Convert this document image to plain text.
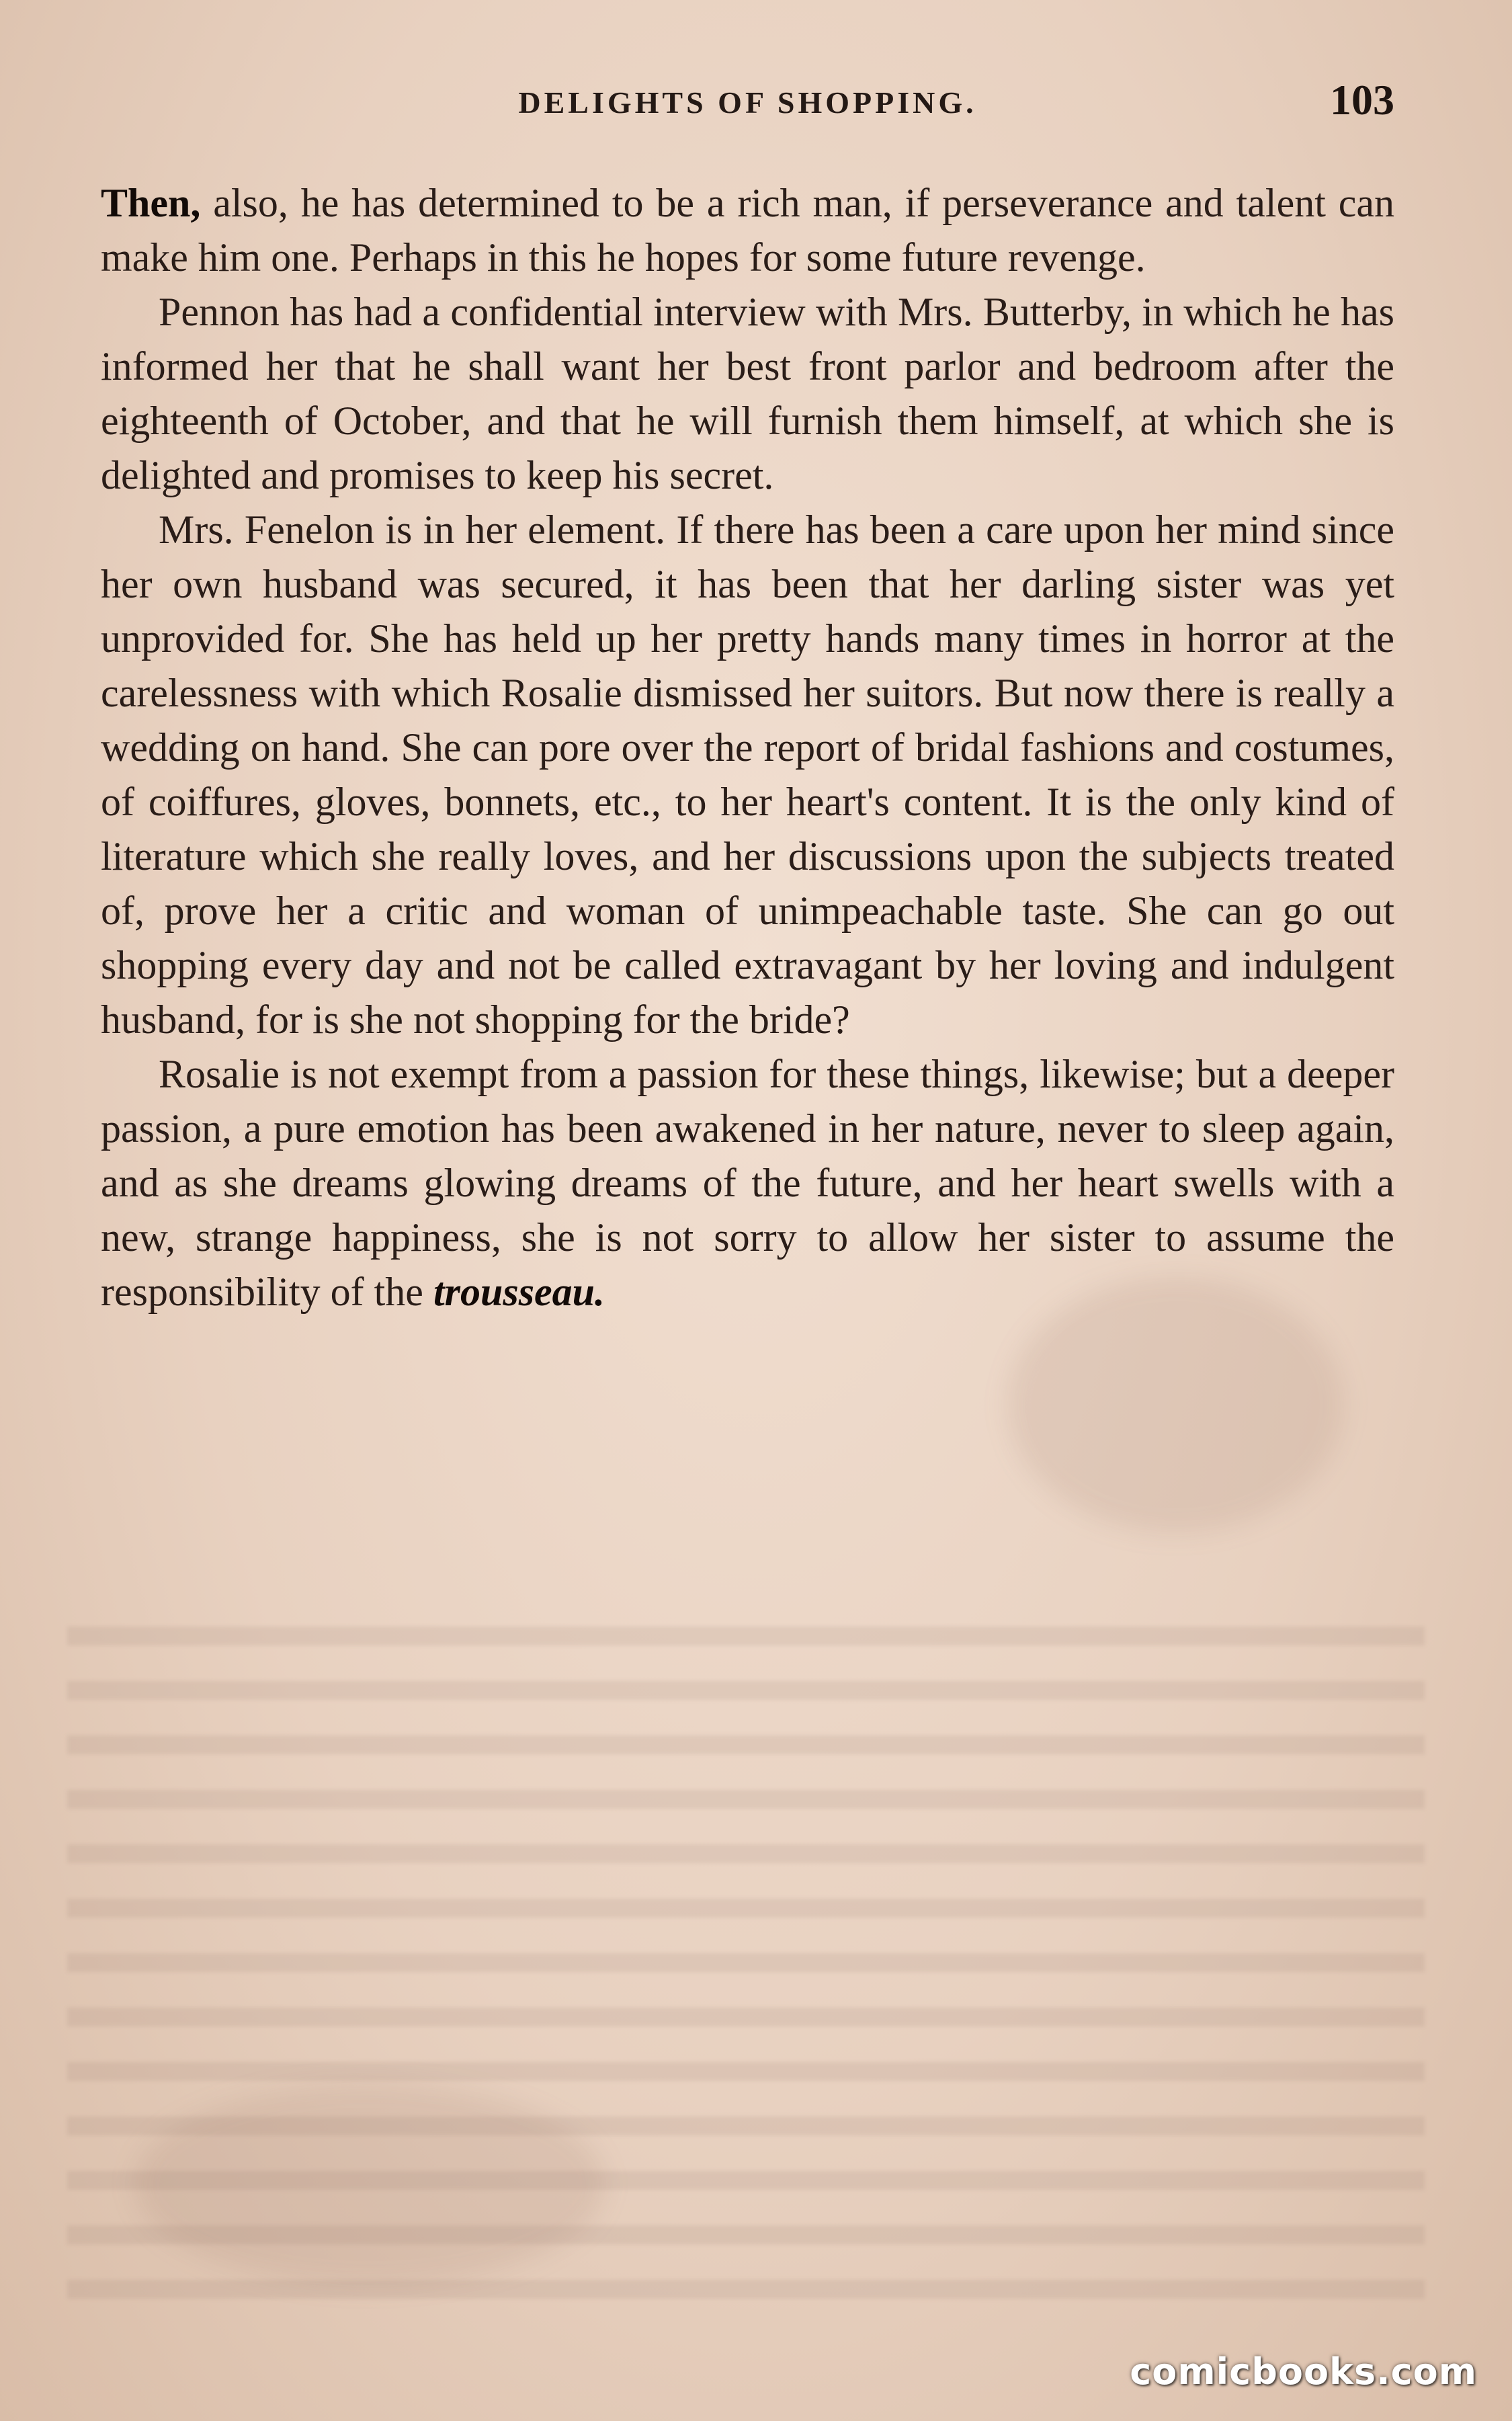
DELIGHTS OF SHOPPING.	103

Then, also, he has determined to be a rich man, if perseverance and talent can make him one. Perhaps in this he hopes for some future revenge.

Pennon has had a confidential interview with Mrs. Butterby, in which he has informed her that he shall want her best front parlor and bedroom after the eighteenth of October, and that he will furnish them himself, at which she is delighted and promises to keep his secret.

Mrs. Fenelon is in her element. If there has been a care upon her mind since her own husband was secured, it has been that her darling sister was yet unprovided for. She has held up her pretty hands many times in horror at the carelessness with which Rosalie dismissed her suitors. But now there is really a wedding on hand. She can pore over the report of bridal fashions and costumes, of coiffures, gloves, bonnets, etc., to her heart's content. It is the only kind of literature which she really loves, and her discussions upon the subjects treated of, prove her a critic and woman of unimpeachable taste. She can go out shopping every day and not be called extravagant by her loving and indulgent husband, for is she not shopping for the bride?

Rosalie is not exempt from a passion for these things, likewise; but a deeper passion, a pure emotion has been awakened in her nature, never to sleep again, and as she dreams glowing dreams of the future, and her heart swells with a new, strange happiness, she is not sorry to allow her sister to assume the responsibility of the trousseau.

comicbooks.com
